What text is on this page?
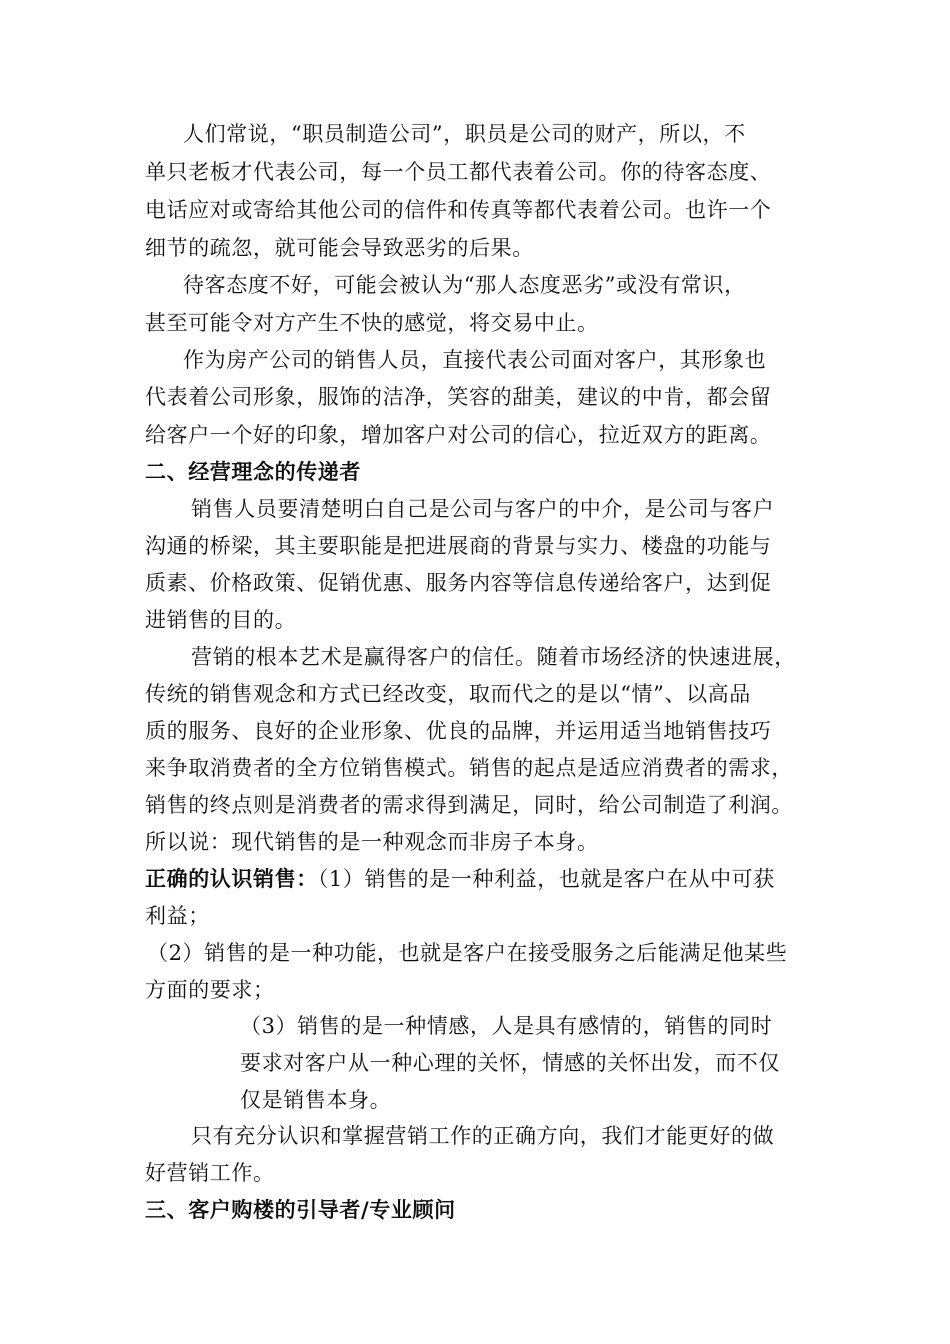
人们常说，“职员制造公司”，职员是公司的财产，所以，不
单只老板才代表公司，每一个员工都代表着公司。你的待客态度、
电话应对或寄给其他公司的信件和传真等都代表着公司。也许一个
细节的疏忽，就可能会导致恶劣的后果。
待客态度不好，可能会被认为“那人态度恶劣”或没有常识，
甚至可能令对方产生不快的感觉，将交易中止。
作为房产公司的销售人员，直接代表公司面对客户，其形象也
代表着公司形象，服饰的洁净，笑容的甜美，建议的中肯，都会留
给客户一个好的印象，增加客户对公司的信心，拉近双方的距离。
二、经营理念的传递者
销售人员要清楚明白自己是公司与客户的中介，是公司与客户
沟通的桥梁，其主要职能是把进展商的背景与实力、楼盘的功能与
质素、价格政策、促销优惠、服务内容等信息传递给客户，达到促
进销售的目的。
营销的根本艺术是赢得客户的信任。随着市场经济的快速进展，
传统的销售观念和方式已经改变，取而代之的是以“情”、以高品
质的服务、良好的企业形象、优良的品牌，并运用适当地销售技巧
来争取消费者的全方位销售模式。销售的起点是适应消费者的需求，
销售的终点则是消费者的需求得到满足，同时，给公司制造了利润。
所以说：现代销售的是一种观念而非房子本身。
正确的认识销售：（1）销售的是一种利益，也就是客户在从中可获
利益；
（2）销售的是一种功能，也就是客户在接受服务之后能满足他某些
方面的要求；
（3）销售的是一种情感，人是具有感情的，销售的同时
要求对客户从一种心理的关怀，情感的关怀出发，而不仅
仅是销售本身。
只有充分认识和掌握营销工作的正确方向，我们才能更好的做
好营销工作。
三、客户购楼的引导者/专业顾问
